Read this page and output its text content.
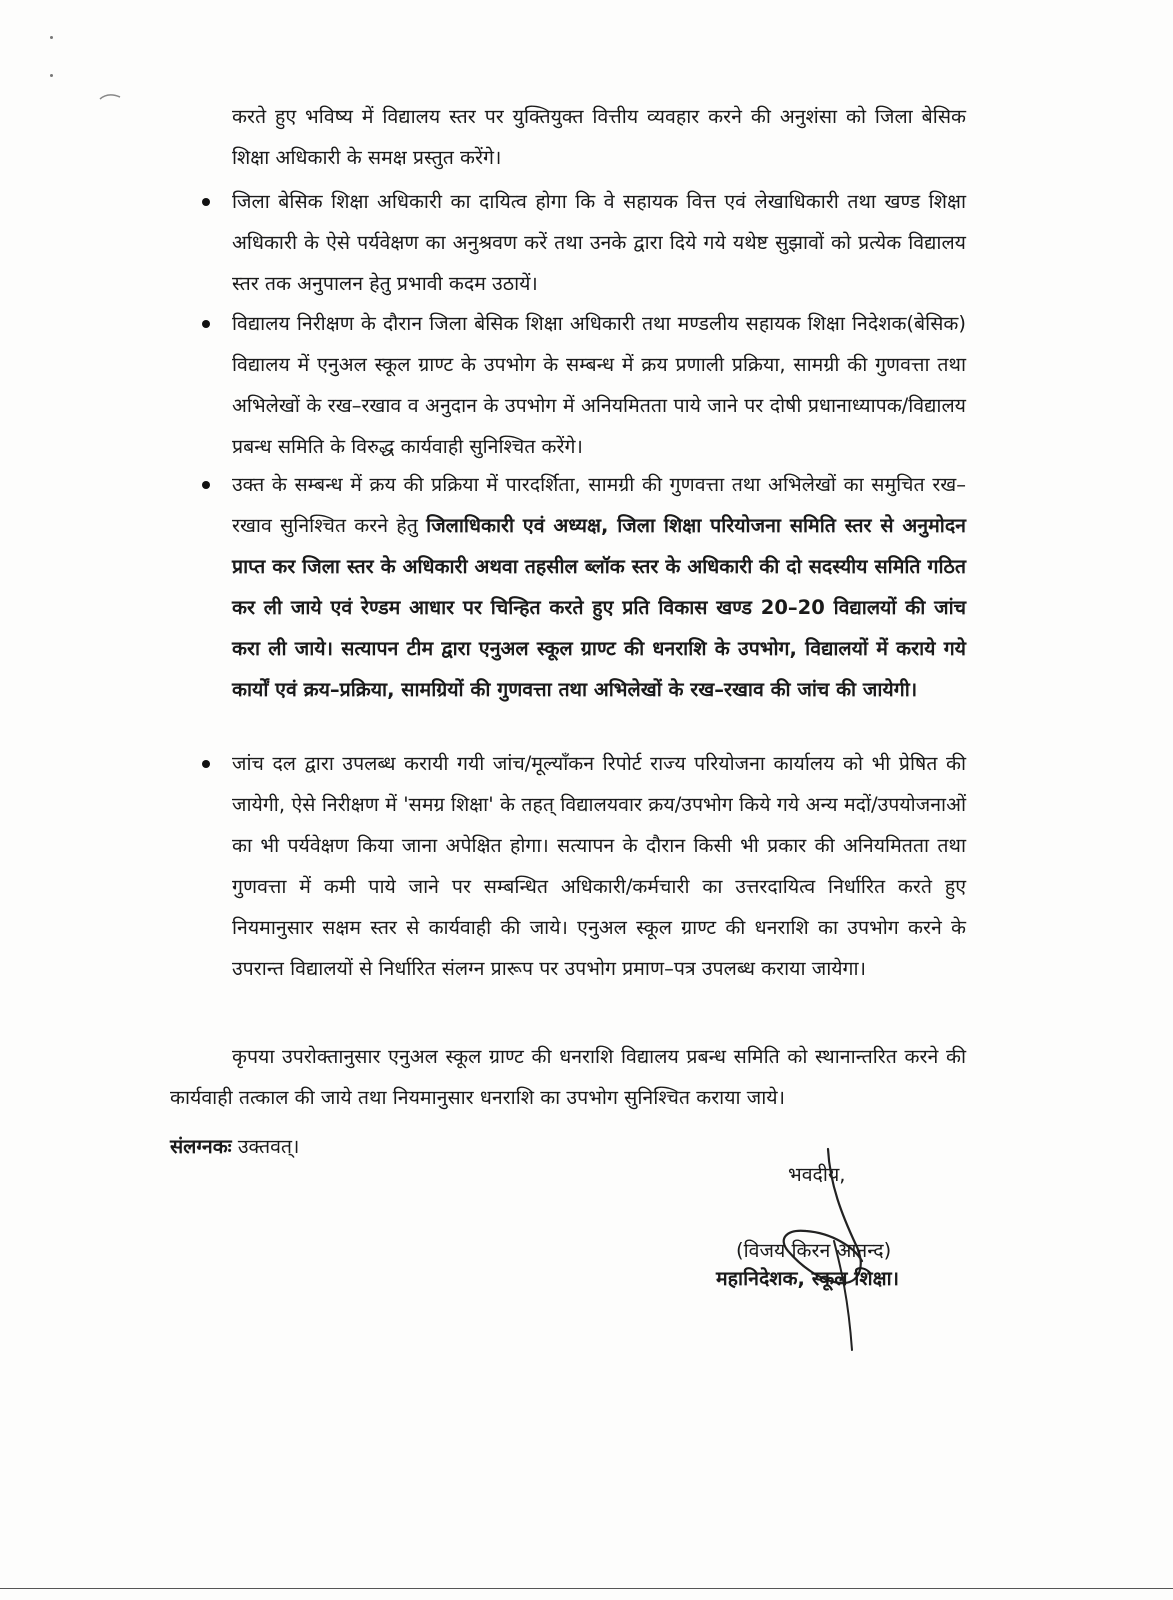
करते हुए भविष्य में विद्यालय स्तर पर युक्तियुक्त वित्तीय व्यवहार करने की अनुशंसा को जिला बेसिक शिक्षा अधिकारी के समक्ष प्रस्तुत करेंगे।

जिला बेसिक शिक्षा अधिकारी का दायित्व होगा कि वे सहायक वित्त एवं लेखाधिकारी तथा खण्ड शिक्षा अधिकारी के ऐसे पर्यवेक्षण का अनुश्रवण करें तथा उनके द्वारा दिये गये यथेष्ट सुझावों को प्रत्येक विद्यालय स्तर तक अनुपालन हेतु प्रभावी कदम उठायें।

विद्यालय निरीक्षण के दौरान जिला बेसिक शिक्षा अधिकारी तथा मण्डलीय सहायक शिक्षा निदेशक(बेसिक) विद्यालय में एनुअल स्कूल ग्राण्ट के उपभोग के सम्बन्ध में क्रय प्रणाली प्रक्रिया, सामग्री की गुणवत्ता तथा अभिलेखों के रख–रखाव व अनुदान के उपभोग में अनियमितता पाये जाने पर दोषी प्रधानाध्यापक/विद्यालय प्रबन्ध समिति के विरुद्ध कार्यवाही सुनिश्चित करेंगे।

उक्त के सम्बन्ध में क्रय की प्रक्रिया में पारदर्शिता, सामग्री की गुणवत्ता तथा अभिलेखों का समुचित रख–रखाव सुनिश्चित करने हेतु जिलाधिकारी एवं अध्यक्ष, जिला शिक्षा परियोजना समिति स्तर से अनुमोदन प्राप्त कर जिला स्तर के अधिकारी अथवा तहसील ब्लॉक स्तर के अधिकारी की दो सदस्यीय समिति गठित कर ली जाये एवं रेण्डम आधार पर चिन्हित करते हुए प्रति विकास खण्ड 20–20 विद्यालयों की जांच करा ली जाये। सत्यापन टीम द्वारा एनुअल स्कूल ग्राण्ट की धनराशि के उपभोग, विद्यालयों में कराये गये कार्यों एवं क्रय–प्रक्रिया, सामग्रियों की गुणवत्ता तथा अभिलेखों के रख–रखाव की जांच की जायेगी।

जांच दल द्वारा उपलब्ध करायी गयी जांच/मूल्याँकन रिपोर्ट राज्य परियोजना कार्यालय को भी प्रेषित की जायेगी, ऐसे निरीक्षण में 'समग्र शिक्षा' के तहत् विद्यालयवार क्रय/उपभोग किये गये अन्य मदों/उपयोजनाओं का भी पर्यवेक्षण किया जाना अपेक्षित होगा। सत्यापन के दौरान किसी भी प्रकार की अनियमितता तथा गुणवत्ता में कमी पाये जाने पर सम्बन्धित अधिकारी/कर्मचारी का उत्तरदायित्व निर्धारित करते हुए नियमानुसार सक्षम स्तर से कार्यवाही की जाये। एनुअल स्कूल ग्राण्ट की धनराशि का उपभोग करने के उपरान्त विद्यालयों से निर्धारित संलग्न प्रारूप पर उपभोग प्रमाण–पत्र उपलब्ध कराया जायेगा।

कृपया उपरोक्तानुसार एनुअल स्कूल ग्राण्ट की धनराशि विद्यालय प्रबन्ध समिति को स्थानान्तरित करने की कार्यवाही तत्काल की जाये तथा नियमानुसार धनराशि का उपभोग सुनिश्चित कराया जाये।

संलग्नकः उक्तवत्।
भवदीय,
(विजय किरन आनन्द)
महानिदेशक, स्कूल शिक्षा।
